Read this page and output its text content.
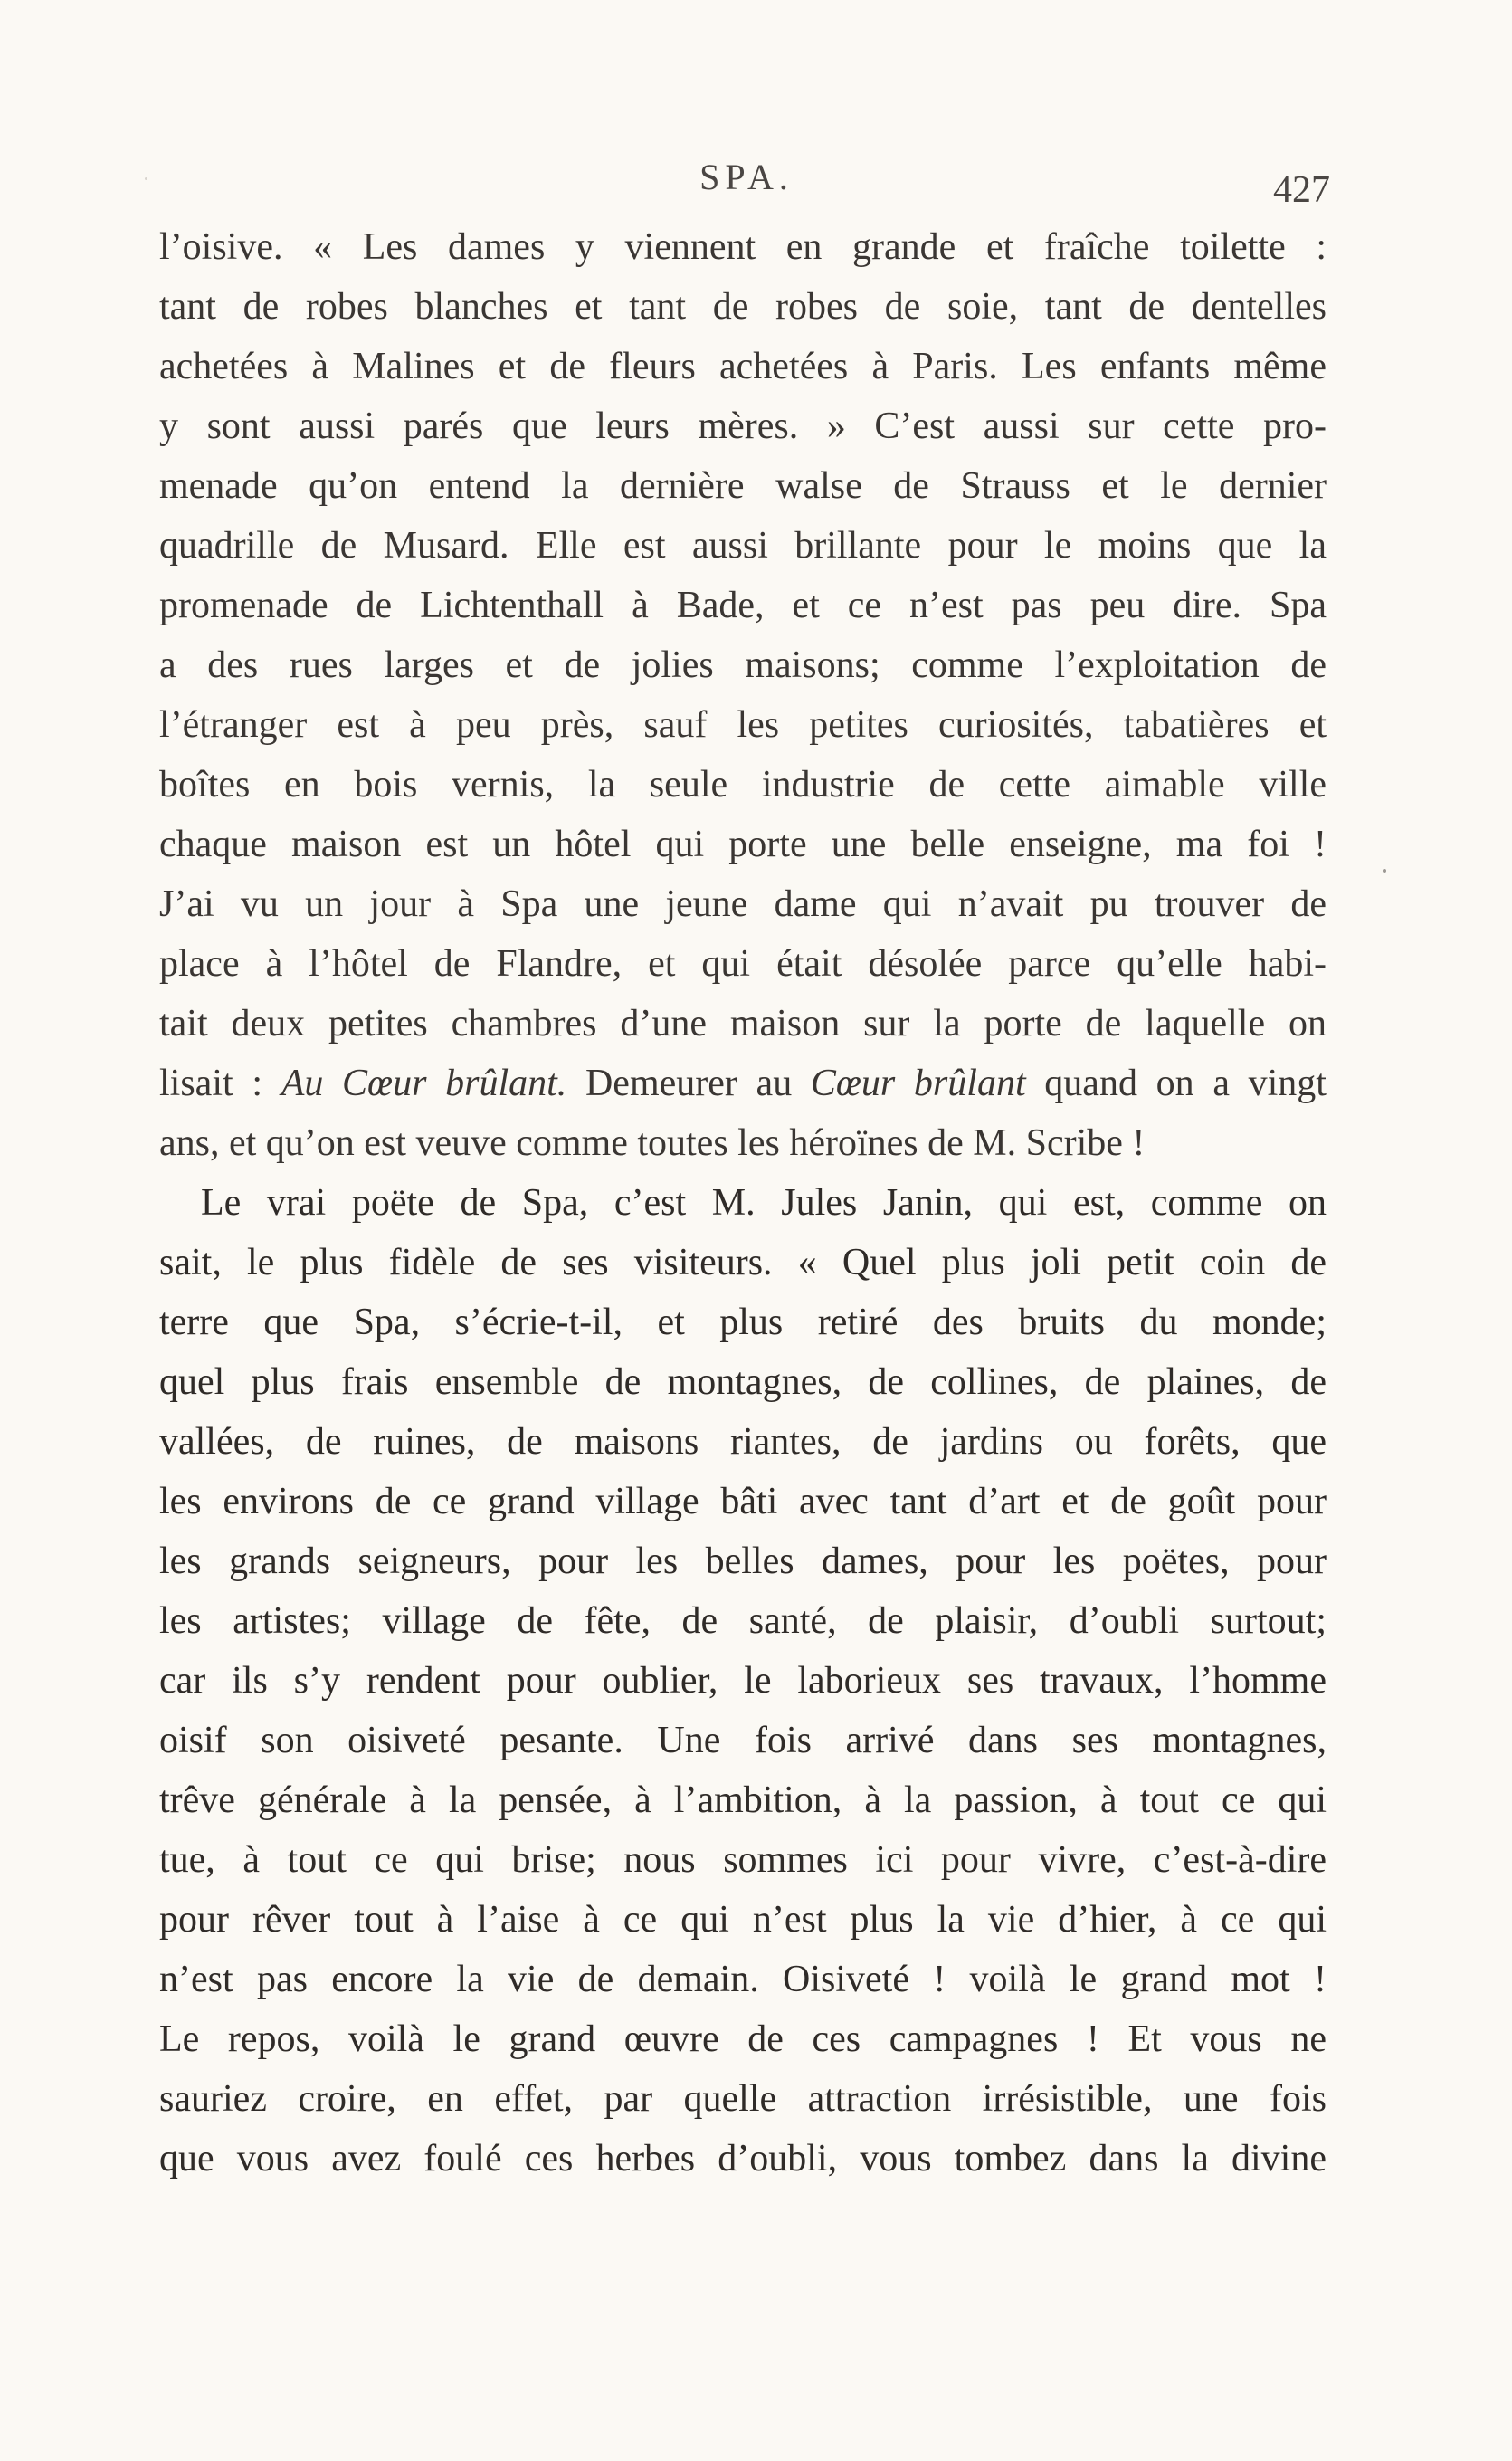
SPA.	427
l’oisive. « Les dames y viennent en grande et fraîche toilette :
tant de robes blanches et tant de robes de soie, tant de dentelles
achetées à Malines et de fleurs achetées à Paris. Les enfants même
y sont aussi parés que leurs mères. » C’est aussi sur cette pro-
menade qu’on entend la dernière walse de Strauss et le dernier
quadrille de Musard. Elle est aussi brillante pour le moins que la
promenade de Lichtenthall à Bade, et ce n’est pas peu dire. Spa
a des rues larges et de jolies maisons; comme l’exploitation de
l’étranger est à peu près, sauf les petites curiosités, tabatières et
boîtes en bois vernis, la seule industrie de cette aimable ville
chaque maison est un hôtel qui porte une belle enseigne, ma foi !
J’ai vu un jour à Spa une jeune dame qui n’avait pu trouver de
place à l’hôtel de Flandre, et qui était désolée parce qu’elle habi-
tait deux petites chambres d’une maison sur la porte de laquelle on
lisait : Au Cœur brûlant. Demeurer au Cœur brûlant quand on a vingt
ans, et qu’on est veuve comme toutes les héroïnes de M. Scribe !
Le vrai poëte de Spa, c’est M. Jules Janin, qui est, comme on
sait, le plus fidèle de ses visiteurs. « Quel plus joli petit coin de
terre que Spa, s’écrie-t-il, et plus retiré des bruits du monde;
quel plus frais ensemble de montagnes, de collines, de plaines, de
vallées, de ruines, de maisons riantes, de jardins ou forêts, que
les environs de ce grand village bâti avec tant d’art et de goût pour
les grands seigneurs, pour les belles dames, pour les poëtes, pour
les artistes; village de fête, de santé, de plaisir, d’oubli surtout;
car ils s’y rendent pour oublier, le laborieux ses travaux, l’homme
oisif son oisiveté pesante. Une fois arrivé dans ses montagnes,
trêve générale à la pensée, à l’ambition, à la passion, à tout ce qui
tue, à tout ce qui brise; nous sommes ici pour vivre, c’est-à-dire
pour rêver tout à l’aise à ce qui n’est plus la vie d’hier, à ce qui
n’est pas encore la vie de demain. Oisiveté ! voilà le grand mot !
Le repos, voilà le grand œuvre de ces campagnes ! Et vous ne
sauriez croire, en effet, par quelle attraction irrésistible, une fois
que vous avez foulé ces herbes d’oubli, vous tombez dans la divine
